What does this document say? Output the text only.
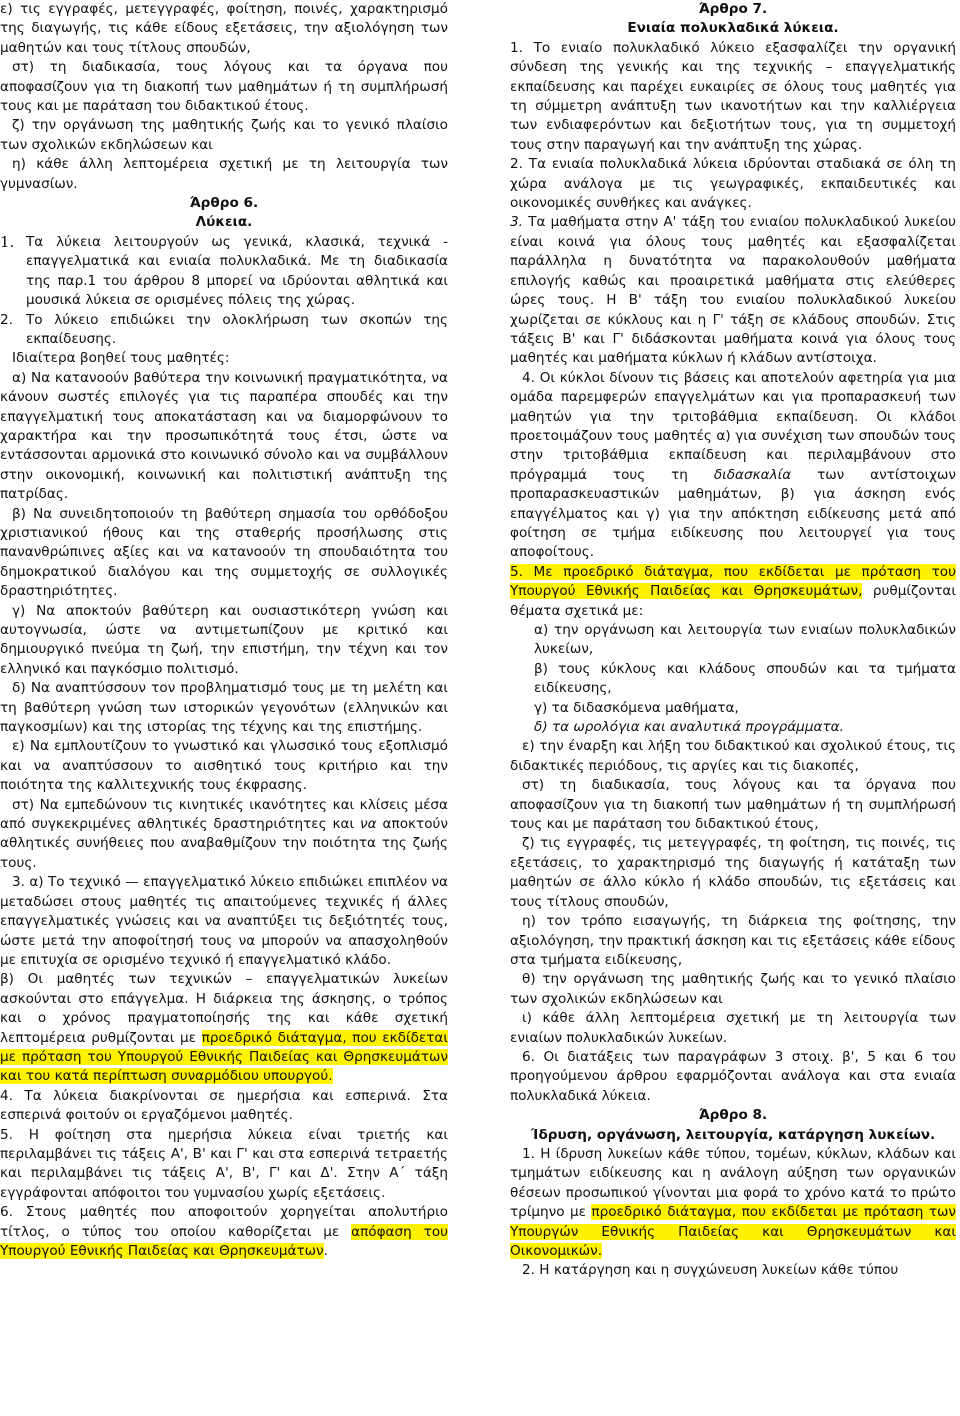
ε) τις εγγραφές, μετεγγραφές, φοίτηση, ποινές, χαρακτηρισμό της διαγωγής, τις κάθε είδους εξετάσεις, την αξιολόγηση των μαθητών και τους τίτλους σπουδών,

στ) τη διαδικασία, τους λόγους και τα όργανα που αποφασίζουν για τη διακοπή των μαθημάτων ή τη συμπλήρωσή τους και με παράταση του διδακτικού έτους.

ζ) την οργάνωση της μαθητικής ζωής και το γενικό πλαίσιο των σχολικών εκδηλώσεων και

η) κάθε άλλη λεπτομέρεια σχετική με τη λειτουργία των γυμνασίων.

Άρθρο 6.

Λύκεια.

1. Τα λύκεια λειτουργούν ως γενικά, κλασικά, τεχνικά - επαγγελματικά και ενιαία πολυκλαδικά. Με τη διαδικασία της παρ.1 του άρθρου 8 μπορεί να ιδρύονται αθλητικά και μουσικά λύκεια σε ορισμένες πόλεις της χώρας.
2. Το λύκειο επιδιώκει την ολοκλήρωση των σκοπών της εκπαίδευσης.

Ιδιαίτερα βοηθεί τους μαθητές:

α) Να κατανοούν βαθύτερα την κοινωνική πραγματικότητα, να κάνουν σωστές επιλογές για τις παραπέρα σπουδές και την επαγγελματική τους αποκατάσταση και να διαμορφώνουν το χαρακτήρα και την προσωπικότητά τους έτσι, ώστε να εντάσσονται αρμονικά στο κοινωνικό σύνολο και να συμβάλλουν στην οικονομική, κοινωνική και πολιτιστική ανάπτυξη της πατρίδας.

β) Να συνειδητοποιούν τη βαθύτερη σημασία του ορθόδοξου χριστιανικού ήθους και της σταθερής προσήλωσης στις πανανθρώπινες αξίες και να κατανοούν τη σπουδαιότητα του δημοκρατικού διαλόγου και της συμμετοχής σε συλλογικές δραστηριότητες.

γ) Να αποκτούν βαθύτερη και ουσιαστικότερη γνώση και αυτογνωσία, ώστε να αντιμετωπίζουν με κριτικό και δημιουργικό πνεύμα τη ζωή, την επιστήμη, την τέχνη και τον ελληνικό και παγκόσμιο πολιτισμό.

δ) Να αναπτύσσουν τον προβληματισμό τους με τη μελέτη και τη βαθύτερη γνώση των ιστορικών γεγονότων (ελληνικών και παγκοσμίων) και της ιστορίας της τέχνης και της επιστήμης.

ε) Να εμπλουτίζουν το γνωστικό και γλωσσικό τους εξοπλισμό και να αναπτύσσουν το αισθητικό τους κριτήριο και την ποιότητα της καλλιτεχνικής τους έκφρασης.

στ) Να εμπεδώνουν τις κινητικές ικανότητες και κλίσεις μέσα από συγκεκριμένες αθλητικές δραστηριότητες και να αποκτούν αθλητικές συνήθειες που αναβαθμίζουν την ποιότητα της ζωής τους.

3. α) Το τεχνικό — επαγγελματικό λύκειο επιδιώκει επιπλέον να μεταδώσει στους μαθητές τις απαιτούμενες τεχνικές ή άλλες επαγγελματικές γνώσεις και να αναπτύξει τις δεξιότητές τους, ώστε μετά την αποφοίτησή τους να μπορούν να απασχοληθούν με επιτυχία σε ορισμένο τεχνικό ή επαγγελματικό κλάδο.

β) Οι μαθητές των τεχνικών – επαγγελματικών λυκείων ασκούνται στο επάγγελμα. Η διάρκεια της άσκησης, ο τρόπος και ο χρόνος πραγματοποίησής της και κάθε σχετική λεπτομέρεια ρυθμίζονται με προεδρικό διάταγμα, που εκδίδεται με πρόταση του Υπουργού Εθνικής Παιδείας και Θρησκευμάτων και του κατά περίπτωση συναρμόδιου υπουργού.

4. Τα λύκεια διακρίνονται σε ημερήσια και εσπερινά. Στα εσπερινά φοιτούν οι εργαζόμενοι μαθητές.

5. Η φοίτηση στα ημερήσια λύκεια είναι τριετής και περιλαμβάνει τις τάξεις Α', Β' και Γ' και στα εσπερινά τετραετής και περιλαμβάνει τις τάξεις Α', Β', Γ' και Δ'. Στην Α΄ τάξη εγγράφονται απόφοιτοι του γυμνασίου χωρίς εξετάσεις.

6. Στους μαθητές που αποφοιτούν χορηγείται απολυτήριο τίτλος, ο τύπος του οποίου καθορίζεται με απόφαση του Υπουργού Εθνικής Παιδείας και Θρησκευμάτων.

Άρθρο 7.

Ενιαία πολυκλαδικά λύκεια.

1. Το ενιαίο πολυκλαδικό λύκειο εξασφαλίζει την οργανική σύνδεση της γενικής και της τεχνικής – επαγγελματικής εκπαίδευσης και παρέχει ευκαιρίες σε όλους τους μαθητές για τη σύμμετρη ανάπτυξη των ικανοτήτων και την καλλιέργεια των ενδιαφερόντων και δεξιοτήτων τους, για τη συμμετοχή τους στην παραγωγή και την ανάπτυξη της χώρας.

2. Τα ενιαία πολυκλαδικά λύκεια ιδρύονται σταδιακά σε όλη τη χώρα ανάλογα με τις γεωγραφικές, εκπαιδευτικές και οικονομικές συνθήκες και ανάγκες.

3. Τα μαθήματα στην Α' τάξη του ενιαίου πολυκλαδικού λυκείου είναι κοινά για όλους τους μαθητές και εξασφαλίζεται παράλληλα η δυνατότητα να παρακολουθούν μαθήματα επιλογής καθώς και προαιρετικά μαθήματα στις ελεύθερες ώρες τους. Η Β' τάξη του ενιαίου πολυκλαδικού λυκείου χωρίζεται σε κύκλους και η Γ' τάξη σε κλάδους σπουδών. Στις τάξεις Β' και Γ' διδάσκονται μαθήματα κοινά για όλους τους μαθητές και μαθήματα κύκλων ή κλάδων αντίστοιχα.

4. Οι κύκλοι δίνουν τις βάσεις και αποτελούν αφετηρία για μια ομάδα παρεμφερών επαγγελμάτων και για προπαρασκευή των μαθητών για την τριτοβάθμια εκπαίδευση. Οι κλάδοι προετοιμάζουν τους μαθητές α) για συνέχιση των σπουδών τους στην τριτοβάθμια εκπαίδευση και περιλαμβάνουν στο πρόγραμμά τους τη διδασκαλία των αντίστοιχων προπαρασκευαστικών μαθημάτων, β) για άσκηση ενός επαγγέλματος και γ) για την απόκτηση ειδίκευσης μετά από φοίτηση σε τμήμα ειδίκευσης που λειτουργεί για τους αποφοίτους.

5. Με προεδρικό διάταγμα, που εκδίδεται με πρόταση του Υπουργού Εθνικής Παιδείας και Θρησκευμάτων, ρυθμίζονται θέματα σχετικά με:

α) την οργάνωση και λειτουργία των ενιαίων πολυκλαδικών λυκείων,

β) τους κύκλους και κλάδους σπουδών και τα τμήματα ειδίκευσης,

γ) τα διδασκόμενα μαθήματα,

δ) τα ωρολόγια και αναλυτικά προγράμματα.

ε) την έναρξη και λήξη του διδακτικού και σχολικού έτους, τις διδακτικές περιόδους, τις αργίες και τις διακοπές,

στ) τη διαδικασία, τους λόγους και τα όργανα που αποφασίζουν για τη διακοπή των μαθημάτων ή τη συμπλήρωσή τους και με παράταση του διδακτικού έτους,

ζ) τις εγγραφές, τις μετεγγραφές, τη φοίτηση, τις ποινές, τις εξετάσεις, το χαρακτηρισμό της διαγωγής ή κατάταξη των μαθητών σε άλλο κύκλο ή κλάδο σπουδών, τις εξετάσεις και τους τίτλους σπουδών,

η) τον τρόπο εισαγωγής, τη διάρκεια της φοίτησης, την αξιολόγηση, την πρακτική άσκηση και τις εξετάσεις κάθε είδους στα τμήματα ειδίκευσης,

θ) την οργάνωση της μαθητικής ζωής και το γενικό πλαίσιο των σχολικών εκδηλώσεων και

ι) κάθε άλλη λεπτομέρεια σχετική με τη λειτουργία των ενιαίων πολυκλαδικών λυκείων.

6. Οι διατάξεις των παραγράφων 3 στοιχ. β', 5 και 6 του προηγούμενου άρθρου εφαρμόζονται ανάλογα και στα ενιαία πολυκλαδικά λύκεια.

Άρθρο 8.

Ίδρυση, οργάνωση, λειτουργία, κατάργηση λυκείων.

1. Η ίδρυση λυκείων κάθε τύπου, τομέων, κύκλων, κλάδων και τμημάτων ειδίκευσης και η ανάλογη αύξηση των οργανικών θέσεων προσωπικού γίνονται μια φορά το χρόνο κατά το πρώτο τρίμηνο με προεδρικό διάταγμα, που εκδίδεται με πρόταση των Υπουργών Εθνικής Παιδείας και Θρησκευμάτων και Οικονομικών.

2. Η κατάργηση και η συγχώνευση λυκείων κάθε τύπου
